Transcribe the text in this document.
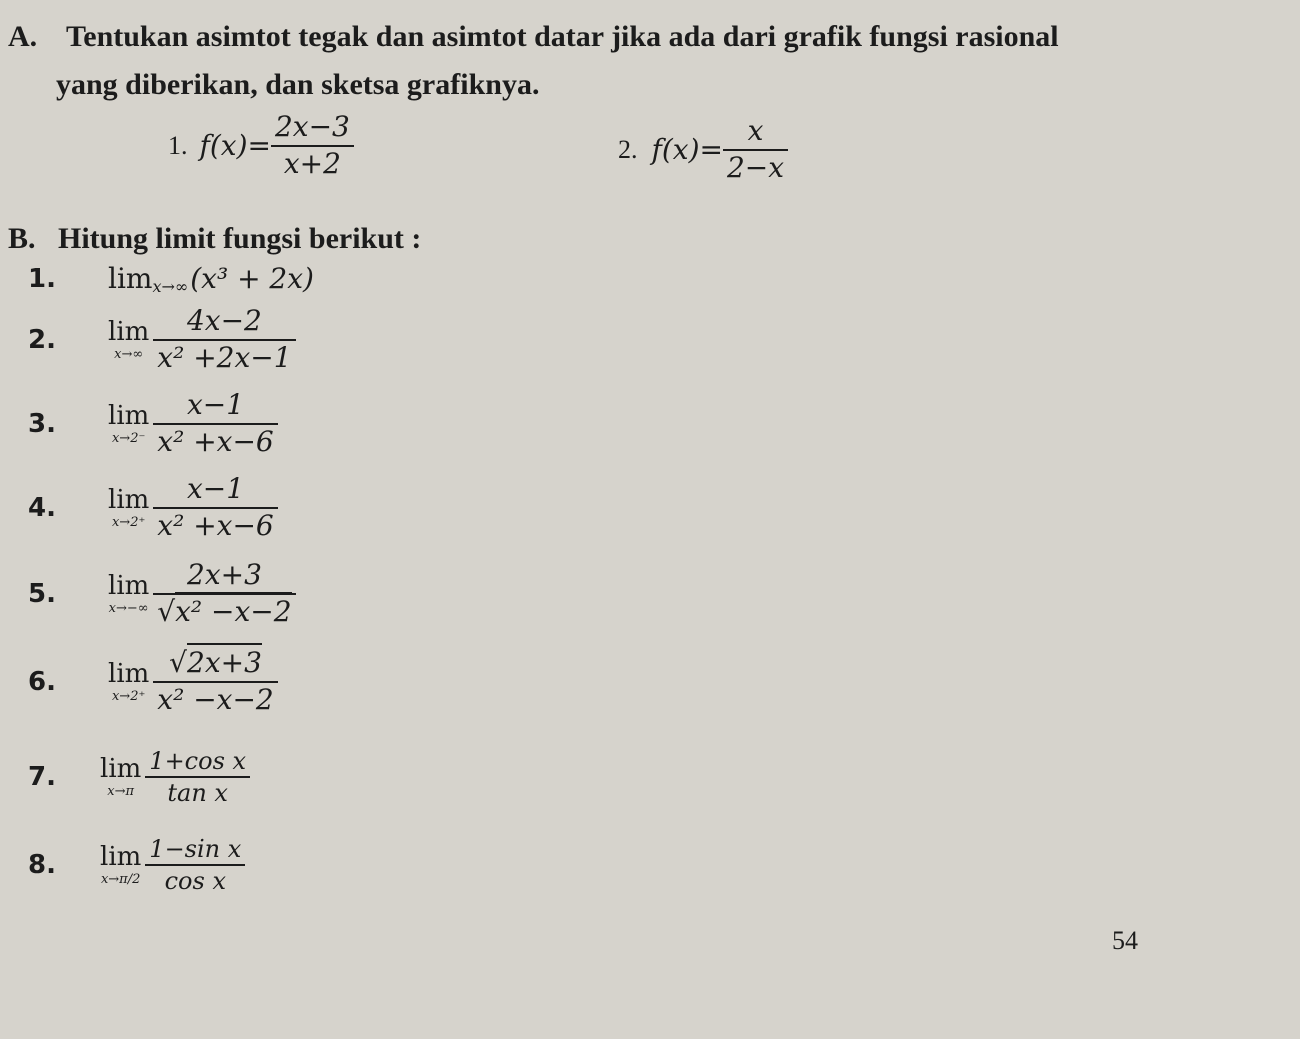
A. Tentukan asimtot tegak dan asimtot datar jika ada dari grafik fungsi rasional
yang diberikan, dan sketsa grafiknya.
1. $f(x)= \frac{2x-3}{x+2}$	2. $f(x)= \frac{x}{2-x}$
B. Hitung limit fungsi berikut :
1.	lim x→∞ (x³ + 2x)
2.	lim
$x\to\infty \frac{4x-2}{\text{x² +2x−1}}$
3.	lim
$x\to 2^- \frac{x-1}{\text{x² +x−6}}$
4.	lim
$x\to 2^+ \frac{x-1}{\text{x² +x−6}}$
5.	lim
$x\to-\infty \frac{2x+3}{\text{√x² −x−2}}$
6.	lim
$x\to 2^+ \frac{√2x+3}{\text{x² −x−2}}$
7.	lim
$x\to\pi \frac{\text{1+cos x}}{\text{tan x}}$
8.	lim
$x\to\pi/2 \frac{\text{1−sin x}}{\text{cos x}}$
54
